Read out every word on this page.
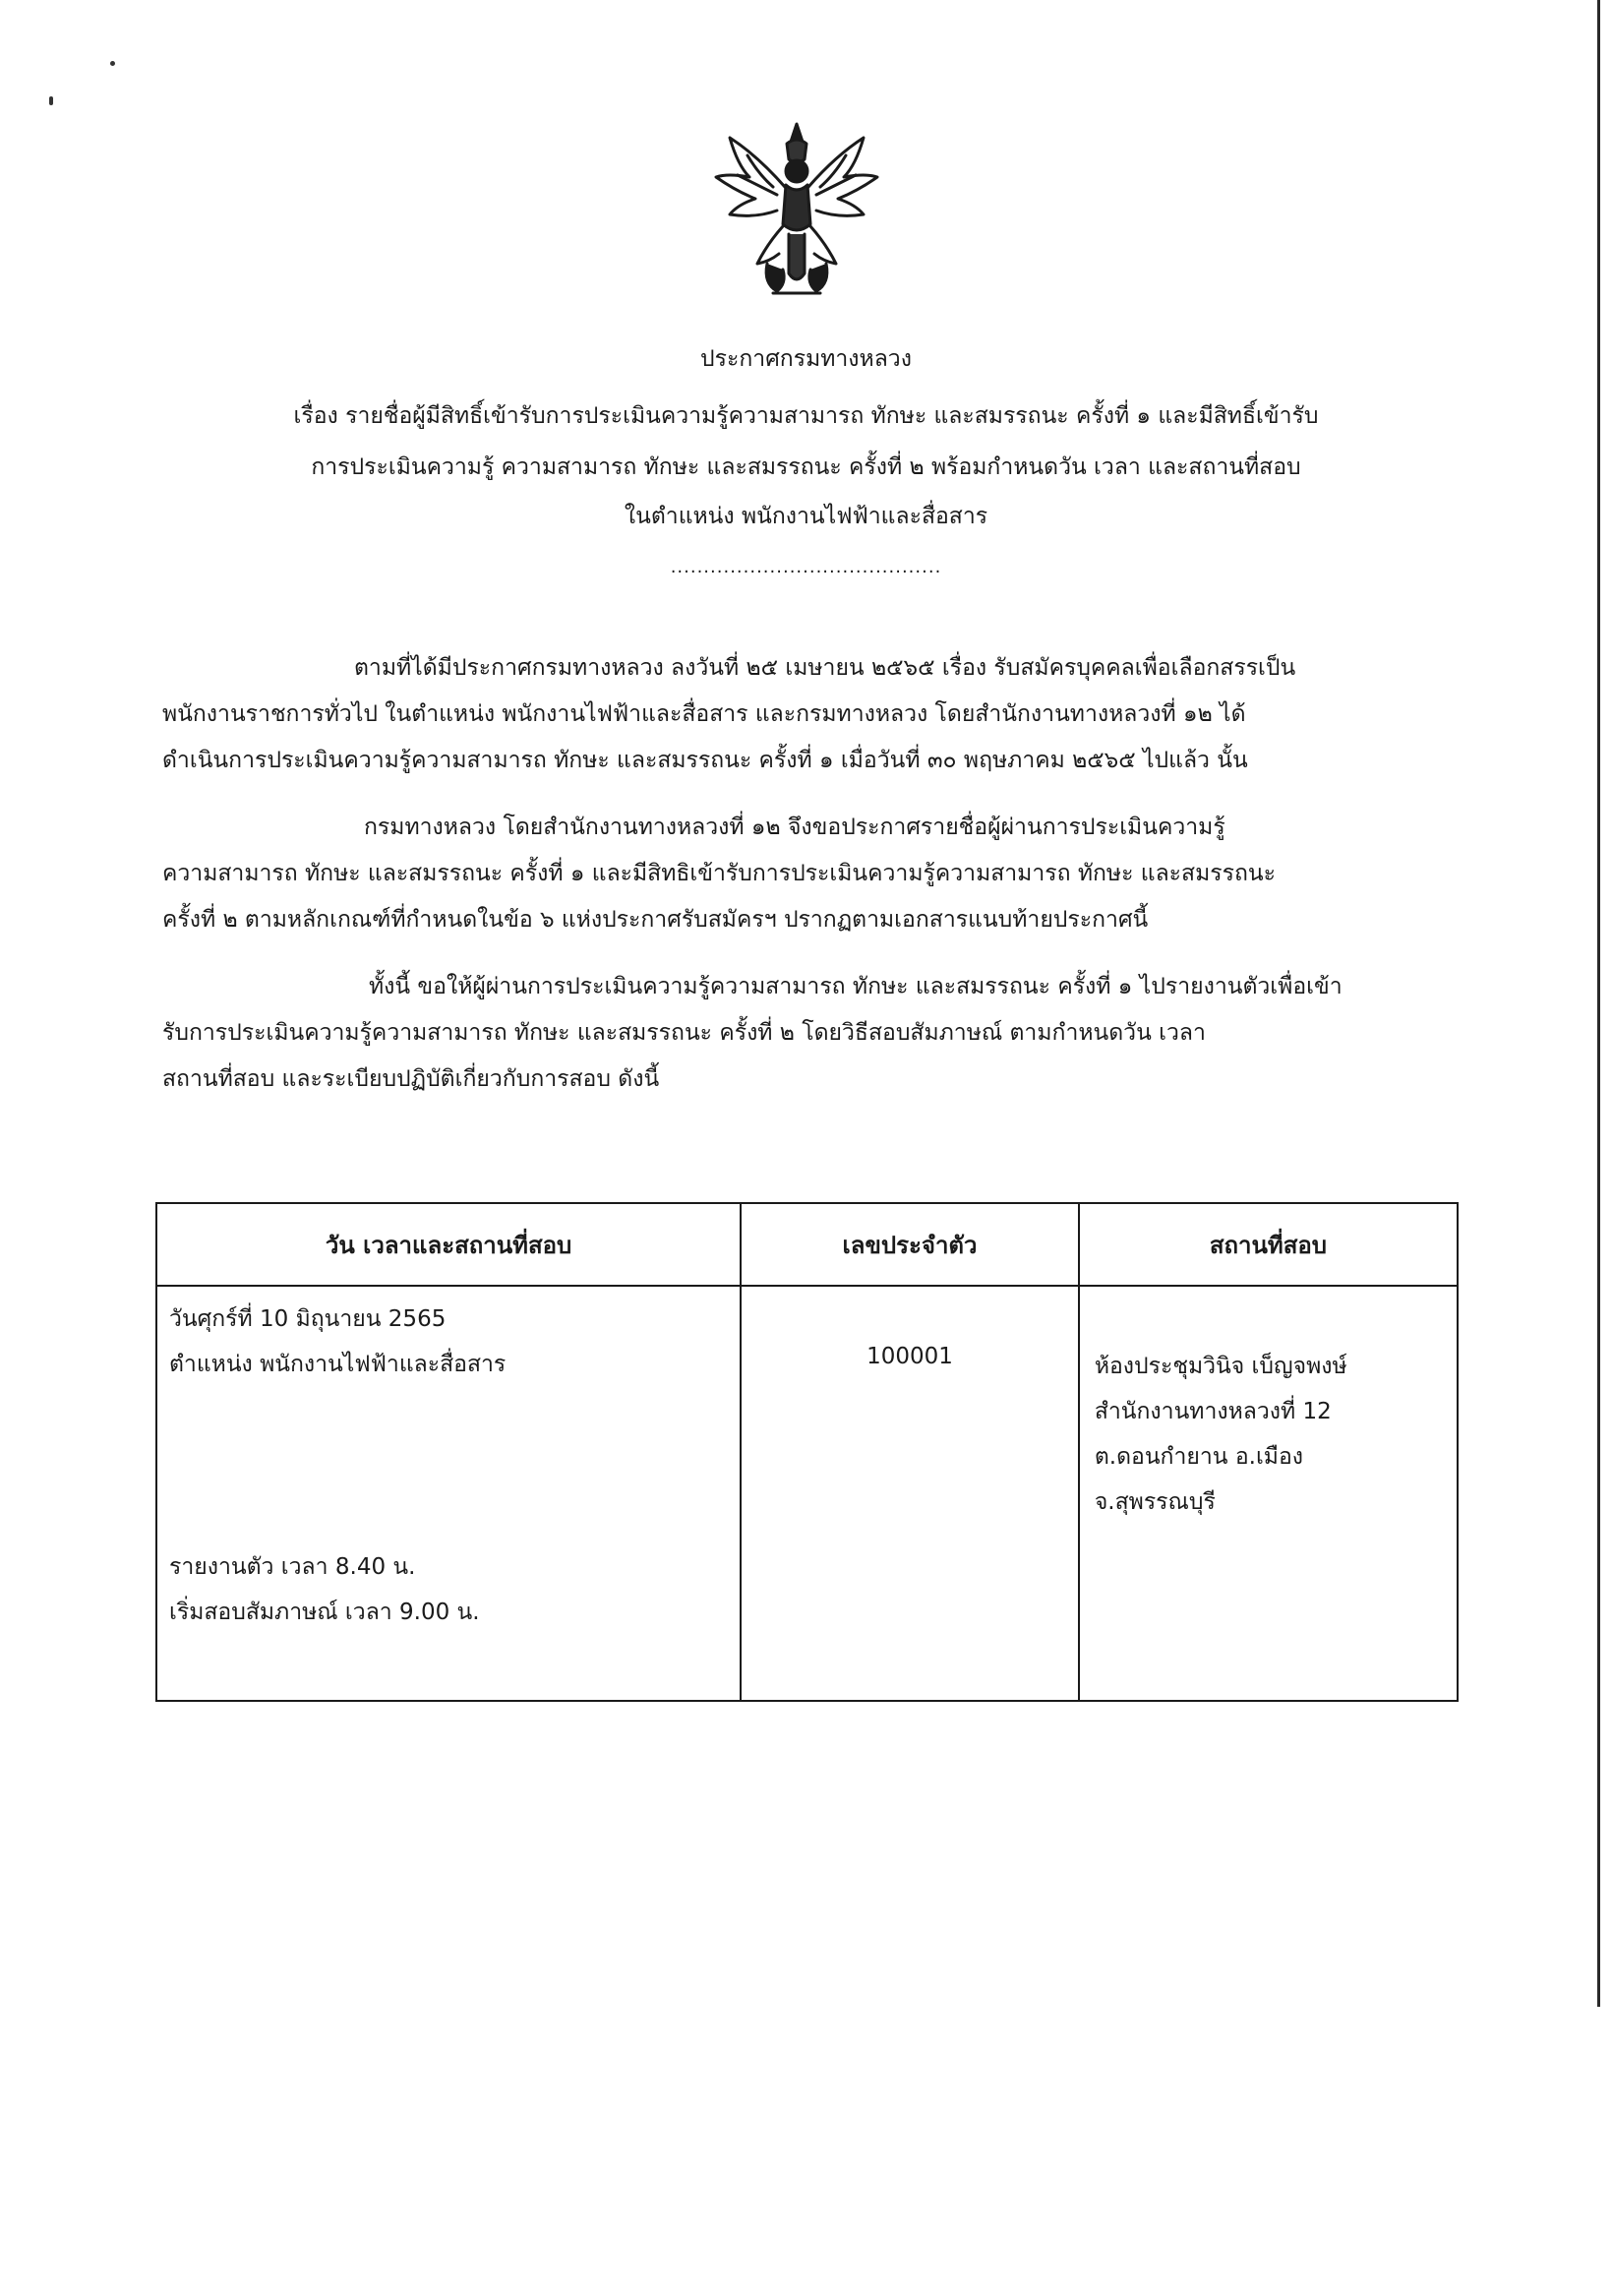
ประกาศกรมทางหลวง
เรื่อง รายชื่อผู้มีสิทธิ์เข้ารับการประเมินความรู้ความสามารถ ทักษะ และสมรรถนะ ครั้งที่ ๑ และมีสิทธิ์เข้ารับ
การประเมินความรู้ ความสามารถ ทักษะ และสมรรถนะ ครั้งที่ ๒ พร้อมกำหนดวัน เวลา และสถานที่สอบ
ในตำแหน่ง พนักงานไฟฟ้าและสื่อสาร
.........................................
ตามที่ได้มีประกาศกรมทางหลวง ลงวันที่ ๒๕ เมษายน ๒๕๖๕ เรื่อง รับสมัครบุคคลเพื่อเลือกสรรเป็น
พนักงานราชการทั่วไป ในตำแหน่ง พนักงานไฟฟ้าและสื่อสาร และกรมทางหลวง โดยสำนักงานทางหลวงที่ ๑๒ ได้
ดำเนินการประเมินความรู้ความสามารถ ทักษะ และสมรรถนะ ครั้งที่ ๑ เมื่อวันที่ ๓๐ พฤษภาคม ๒๕๖๕ ไปแล้ว นั้น
กรมทางหลวง โดยสำนักงานทางหลวงที่ ๑๒ จึงขอประกาศรายชื่อผู้ผ่านการประเมินความรู้
ความสามารถ ทักษะ และสมรรถนะ ครั้งที่ ๑ และมีสิทธิเข้ารับการประเมินความรู้ความสามารถ ทักษะ และสมรรถนะ
ครั้งที่ ๒ ตามหลักเกณฑ์ที่กำหนดในข้อ ๖ แห่งประกาศรับสมัครฯ ปรากฏตามเอกสารแนบท้ายประกาศนี้
ทั้งนี้ ขอให้ผู้ผ่านการประเมินความรู้ความสามารถ ทักษะ และสมรรถนะ ครั้งที่ ๑ ไปรายงานตัวเพื่อเข้า
รับการประเมินความรู้ความสามารถ ทักษะ และสมรรถนะ ครั้งที่ ๒ โดยวิธีสอบสัมภาษณ์ ตามกำหนดวัน เวลา
สถานที่สอบ และระเบียบปฏิบัติเกี่ยวกับการสอบ ดังนี้
วัน เวลาและสถานที่สอบ	เลขประจำตัว	สถานที่สอบ

วันศุกร์ที่ 10 มิถุนายน 2565
ตำแหน่ง พนักงานไฟฟ้าและสื่อสาร
รายงานตัว เวลา 8.40 น.
เริ่มสอบสัมภาษณ์ เวลา 9.00 น.	100001	ห้องประชุมวินิจ เบ็ญจพงษ์
สำนักงานทางหลวงที่ 12
ต.ดอนกำยาน อ.เมือง
จ.สุพรรณบุรี
